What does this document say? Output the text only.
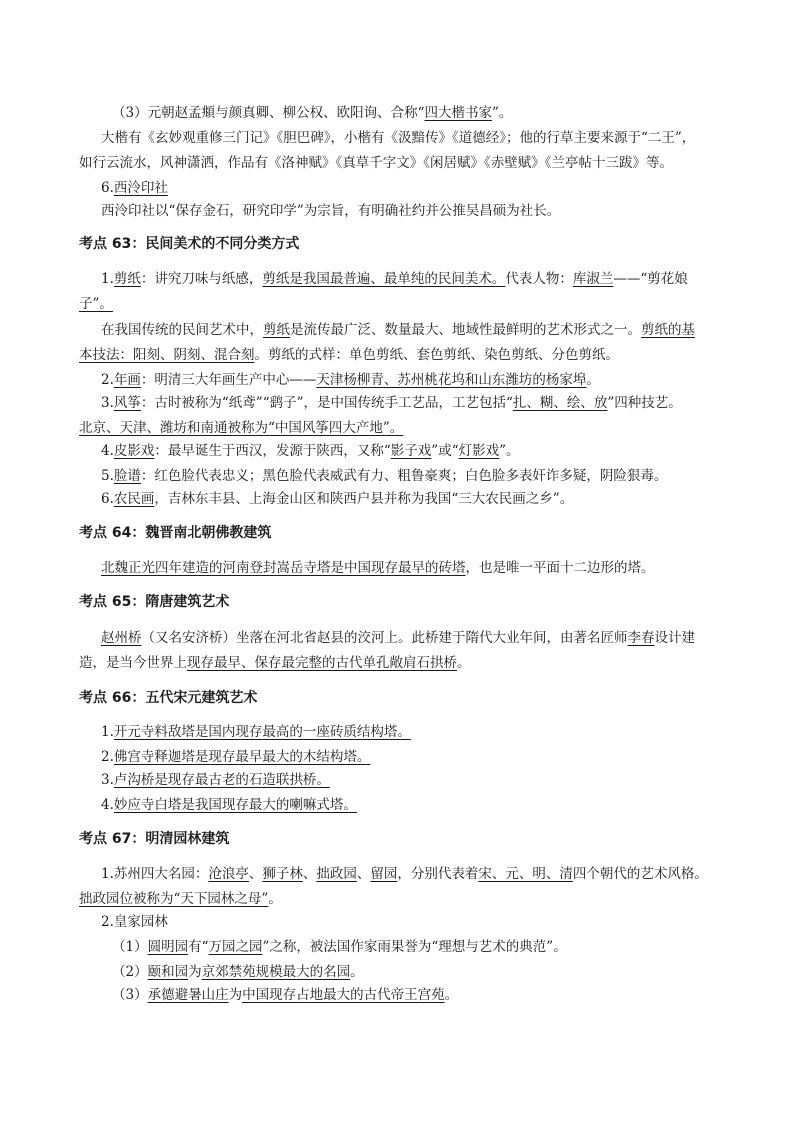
（3）元朝赵孟頫与颜真卿、柳公权、欧阳询、合称“四大楷书家”。
大楷有《玄妙观重修三门记》《胆巴碑》，小楷有《汲黯传》《道德经》；他的行草主要来源于“二王”，
如行云流水，风神潇洒，作品有《洛神赋》《真草千字文》《闲居赋》《赤壁赋》《兰亭帖十三跋》等。
6.西泠印社
西泠印社以“保存金石，研究印学”为宗旨，有明确社约并公推吴昌硕为社长。
考点 63：民间美术的不同分类方式
1.剪纸：讲究刀味与纸感，剪纸是我国最普遍、最单纯的民间美术。代表人物：库淑兰——“剪花娘
子”。
在我国传统的民间艺术中，剪纸是流传最广泛、数量最大、地域性最鲜明的艺术形式之一。剪纸的基
本技法：阳刻、阴刻、混合刻。剪纸的式样：单色剪纸、套色剪纸、染色剪纸、分色剪纸。
2.年画：明清三大年画生产中心——天津杨柳青、苏州桃花坞和山东潍坊的杨家埠。
3.风筝：古时被称为“纸鸢”“鹞子”，是中国传统手工艺品，工艺包括“扎、糊、绘、放”四种技艺。
北京、天津、潍坊和南通被称为“中国风筝四大产地”。
4.皮影戏：最早诞生于西汉，发源于陕西，又称“影子戏”或“灯影戏”。
5.脸谱：红色脸代表忠义；黑色脸代表威武有力、粗鲁豪爽；白色脸多表奸诈多疑，阴险狠毒。
6.农民画，吉林东丰县、上海金山区和陕西户县并称为我国“三大农民画之乡”。
考点 64：魏晋南北朝佛教建筑
北魏正光四年建造的河南登封嵩岳寺塔是中国现存最早的砖塔，也是唯一平面十二边形的塔。
考点 65：隋唐建筑艺术
赵州桥（又名安济桥）坐落在河北省赵县的洨河上。此桥建于隋代大业年间，由著名匠师李春设计建
造，是当今世界上现存最早、保存最完整的古代单孔敞肩石拱桥。
考点 66：五代宋元建筑艺术
1.开元寺料敌塔是国内现存最高的一座砖质结构塔。
2.佛宫寺释迦塔是现存最早最大的木结构塔。
3.卢沟桥是现存最古老的石造联拱桥。
4.妙应寺白塔是我国现存最大的喇嘛式塔。
考点 67：明清园林建筑
1.苏州四大名园：沧浪亭、狮子林、拙政园、留园，分别代表着宋、元、明、清四个朝代的艺术风格。
拙政园位被称为“天下园林之母”。
2.皇家园林
（1）圆明园有“万园之园”之称，被法国作家雨果誉为“理想与艺术的典范”。
（2）颐和园为京郊禁苑规模最大的名园。
（3）承德避暑山庄为中国现存占地最大的古代帝王宫苑。
